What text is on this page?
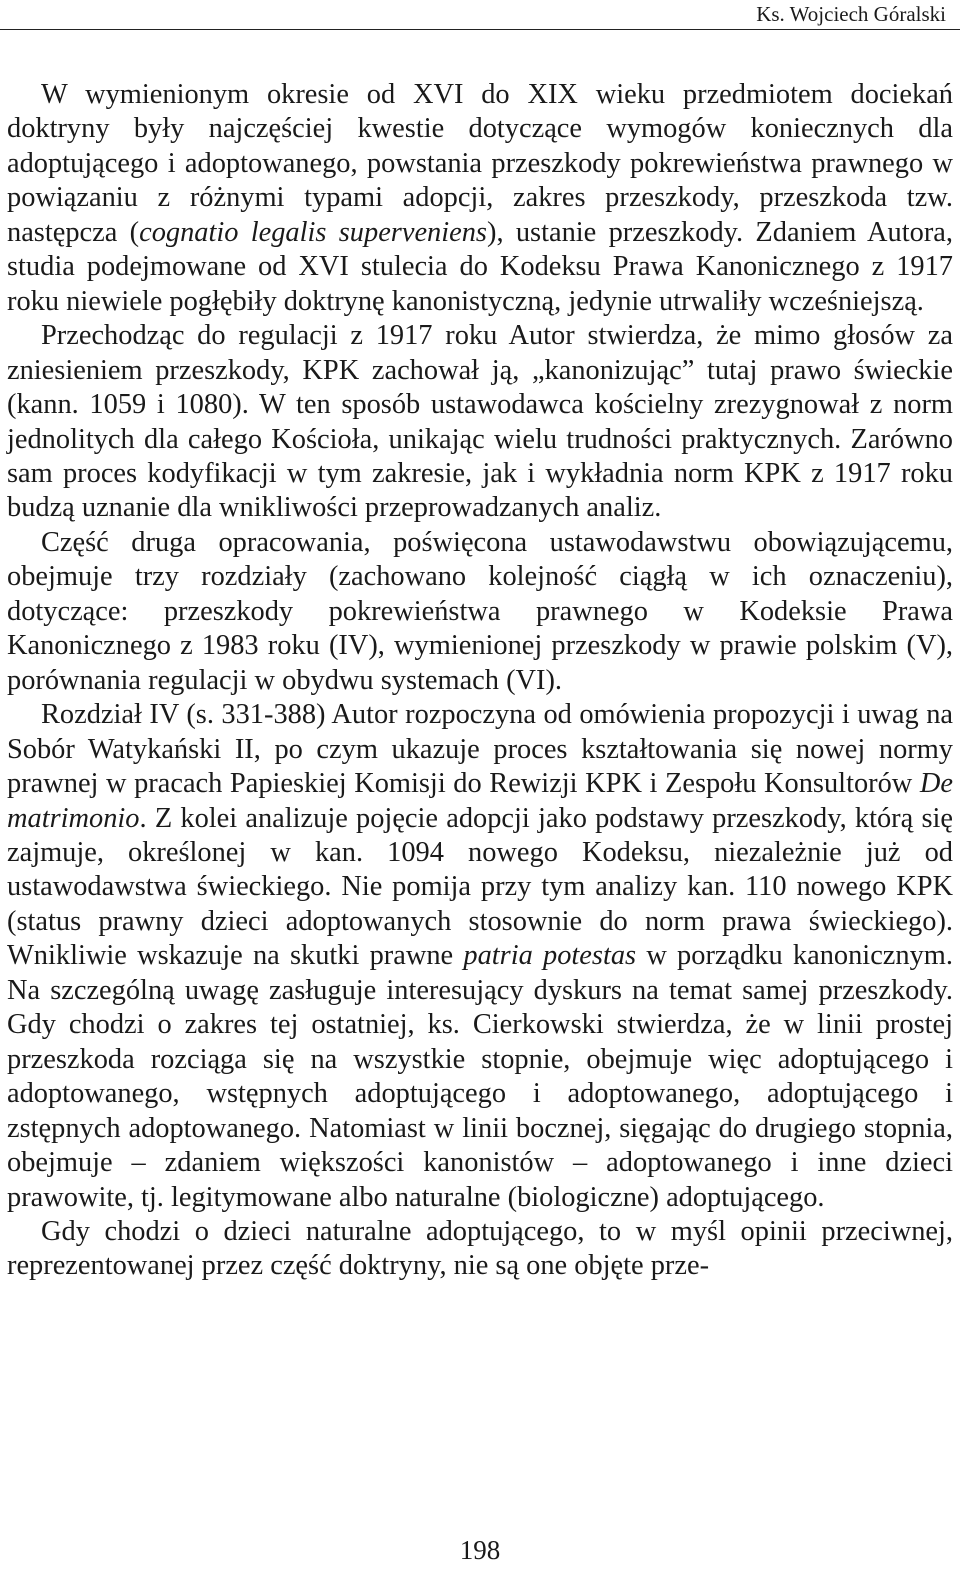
Ks. Wojciech Góralski

W wymienionym okresie od XVI do XIX wieku przedmiotem dociekań doktryny były najczęściej kwestie dotyczące wymogów koniecznych dla adoptującego i adoptowanego, powstania przeszkody pokrewieństwa prawnego w powiązaniu z różnymi typami adopcji, zakres przeszkody, przeszkoda tzw. następcza (cognatio legalis superveniens), ustanie przeszkody. Zdaniem Autora, studia podejmowane od XVI stulecia do Kodeksu Prawa Kanonicznego z 1917 roku niewiele pogłębiły doktrynę kanonistyczną, jedynie utrwaliły wcześniejszą.

Przechodząc do regulacji z 1917 roku Autor stwierdza, że mimo głosów za zniesieniem przeszkody, KPK zachował ją, „kanonizując” tutaj prawo świeckie (kann. 1059 i 1080). W ten sposób ustawodawca kościelny zrezygnował z norm jednolitych dla całego Kościoła, unikając wielu trudności praktycznych. Zarówno sam proces kodyfikacji w tym zakresie, jak i wykładnia norm KPK z 1917 roku budzą uznanie dla wnikliwości przeprowadzanych analiz.

Część druga opracowania, poświęcona ustawodawstwu obowiązującemu, obejmuje trzy rozdziały (zachowano kolejność ciągłą w ich oznaczeniu), dotyczące: przeszkody pokrewieństwa prawnego w Kodeksie Prawa Kanonicznego z 1983 roku (IV), wymienionej przeszkody w prawie polskim (V), porównania regulacji w obydwu systemach (VI).

Rozdział IV (s. 331-388) Autor rozpoczyna od omówienia propozycji i uwag na Sobór Watykański II, po czym ukazuje proces kształtowania się nowej normy prawnej w pracach Papieskiej Komisji do Rewizji KPK i Zespołu Konsultorów De matrimonio. Z kolei analizuje pojęcie adopcji jako podstawy przeszkody, którą się zajmuje, określonej w kan. 1094 nowego Kodeksu, niezależnie już od ustawodawstwa świeckiego. Nie pomija przy tym analizy kan. 110 nowego KPK (status prawny dzieci adoptowanych stosownie do norm prawa świeckiego). Wnikliwie wskazuje na skutki prawne patria potestas w porządku kanonicznym. Na szczególną uwagę zasługuje interesujący dyskurs na temat samej przeszkody. Gdy chodzi o zakres tej ostatniej, ks. Cierkowski stwierdza, że w linii prostej przeszkoda rozciąga się na wszystkie stopnie, obejmuje więc adoptującego i adoptowanego, wstępnych adoptującego i adoptowanego, adoptującego i zstępnych adoptowanego. Natomiast w linii bocznej, sięgając do drugiego stopnia, obejmuje – zdaniem większości kanonistów – adoptowanego i inne dzieci prawowite, tj. legitymowane albo naturalne (biologiczne) adoptującego.

Gdy chodzi o dzieci naturalne adoptującego, to w myśl opinii przeciwnej, reprezentowanej przez część doktryny, nie są one objęte prze-

198
